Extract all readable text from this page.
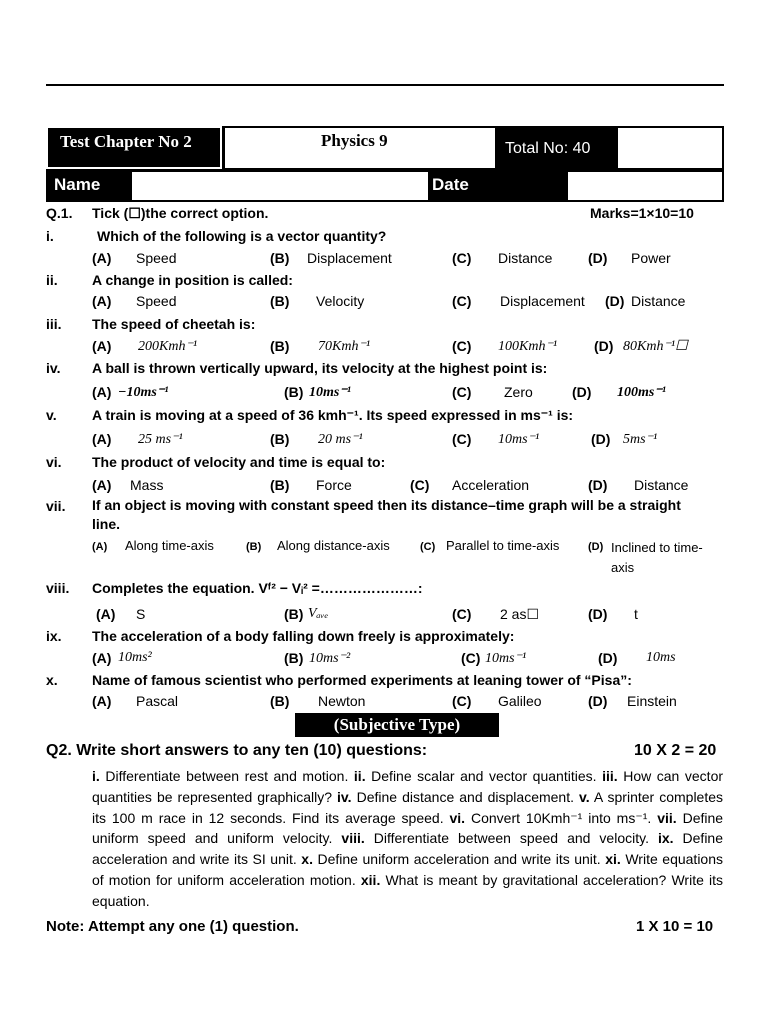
Test Chapter No 2	Physics 9	Total No: 40
Name	Date
Q.1. Tick (☐)the correct option.	Marks=1×10=10
i.	Which of the following is a vector quantity?
(A) Speed	(B) Displacement	(C) Distance	(D) Power
ii. A change in position is called:
(A) Speed	(B) Velocity	(C) Displacement (D) Distance
iii. The speed of cheetah is:
(A) 200Kmh⁻¹	(B) 70Kmh⁻¹	(C) 100Kmh⁻¹	(D) 80Kmh⁻¹☐
iv. A ball is thrown vertically upward, its velocity at the highest point is:
(A) −10ms⁻¹	(B) 10ms⁻¹	(C) Zero	(D) 100ms⁻¹
v.	A train is moving at a speed of 36 kmh⁻¹. Its speed expressed in ms⁻¹ is:
(A) 25 ms⁻¹	(B) 20 ms⁻¹	(C) 10ms⁻¹	(D) 5ms⁻¹
vi. The product of velocity and time is equal to:
(A) Mass	(B) Force	(C) Acceleration	(D) Distance
vii. If an object is moving with constant speed then its distance–time graph will be a straight line.
(A) Along time-axis	(B) Along distance-axis	(C) Parallel to time-axis	(D) Inclined to time-axis
viii. Completes the equation. Vᶠ² − Vᵢ² =…………………:
(A) S	(B) Vₐᵥₑ	(C) 2 as☐	(D) t
ix. The acceleration of a body falling down freely is approximately:
(A) 10ms²	(B) 10ms⁻²	(C) 10ms⁻¹	(D) 10ms
x. Name of famous scientist who performed experiments at leaning tower of “Pisa”:
(A) Pascal	(B) Newton	(C) Galileo	(D) Einstein
(Subjective Type)
Q2. Write short answers to any ten (10) questions:	10 X 2 = 20
i. Differentiate between rest and motion. ii. Define scalar and vector quantities. iii. How can vector quantities be represented graphically? iv. Define distance and displacement. v. A sprinter completes its 100 m race in 12 seconds. Find its average speed. vi. Convert 10Kmh⁻¹ into ms⁻¹. vii. Define uniform speed and uniform velocity. viii. Differentiate between speed and velocity. ix. Define acceleration and write its SI unit. x. Define uniform acceleration and write its unit. xi. Write equations of motion for uniform acceleration motion. xii. What is meant by gravitational acceleration? Write its equation.
Note: Attempt any one (1) question.	1 X 10 = 10
